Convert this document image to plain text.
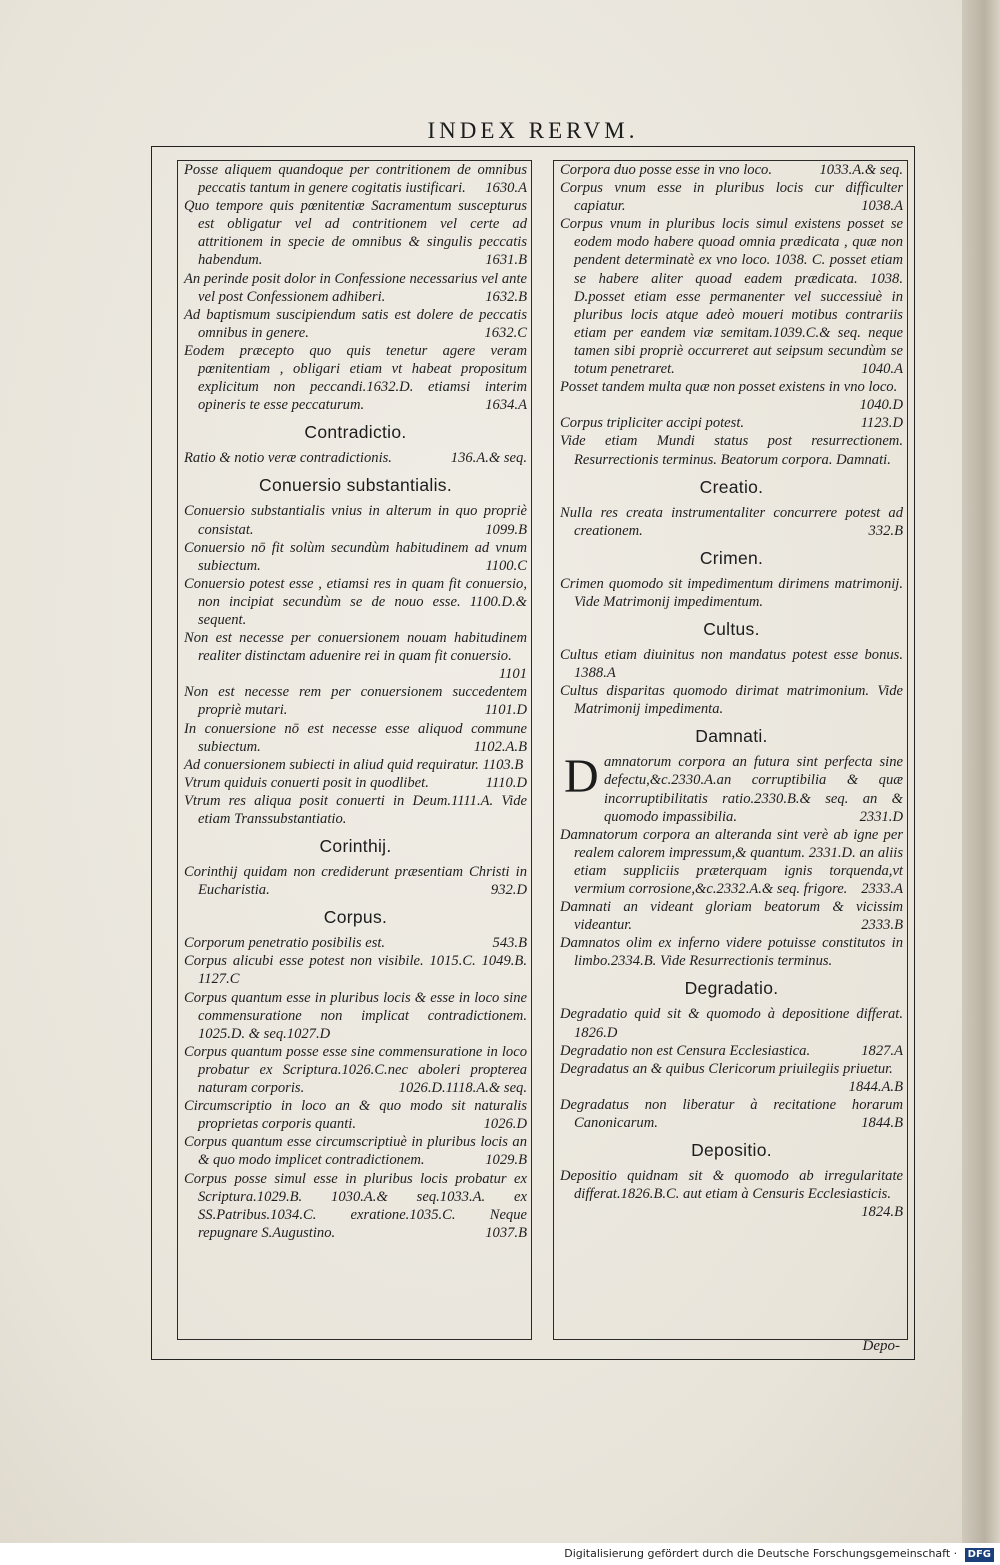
INDEX RERVM.

Posse aliquem quandoque per contritionem de omnibus peccatis tantum in genere cogitatis iustificari. 1630.A

Quo tempore quis pœnitentiæ Sacramentum suscepturus est obligatur vel ad contritionem vel certe ad attritionem in specie de omnibus & singulis peccatis habendum.	1631.B

An perinde posit dolor in Confessione necessarius vel ante vel post Confessionem adhiberi.	1632.B

Ad baptismum suscipiendum satis est dolere de peccatis omnibus in genere.	1632.C

Eodem præcepto quo quis tenetur agere veram pœnitentiam , obligari etiam vt habeat propositum explicitum non peccandi.1632.D. etiamsi interim opineris te esse peccaturum.	1634.A

Contradictio.

Ratio & notio veræ contradictionis.	136.A.& seq.

Conuersio substantialis.

Conuersio substantialis vnius in alterum in quo propriè consistat.	1099.B

Conuersio nō fit solùm secundùm habitudinem ad vnum subiectum.	1100.C

Conuersio potest esse , etiamsi res in quam fit conuersio, non incipiat secundùm se de nouo esse. 1100.D.& sequent.

Non est necesse per conuersionem nouam habitudinem realiter distinctam aduenire rei in quam fit conuersio.
1101

Non est necesse rem per conuersionem succedentem propriè mutari.	1101.D

In conuersione nō est necesse esse aliquod commune subiectum.	1102.A.B

Ad conuersionem subiecti in aliud quid requiratur. 1103.B

Vtrum quiduis conuerti posit in quodlibet.	1110.D

Vtrum res aliqua posit conuerti in Deum.1111.A. Vide etiam Transsubstantiatio.

Corinthij.

Corinthij quidam non crediderunt præsentiam Christi in Eucharistia.	932.D

Corpus.

Corporum penetratio posibilis est.	543.B

Corpus alicubi esse potest non visibile. 1015.C. 1049.B. 1127.C

Corpus quantum esse in pluribus locis & esse in loco sine commensuratione non implicat contradictionem. 1025.D. & seq.1027.D

Corpus quantum posse esse sine commensuratione in loco probatur ex Scriptura.1026.C.nec aboleri propterea naturam corporis.	1026.D.1118.A.& seq.

Circumscriptio in loco an & quo modo sit naturalis proprietas corporis quanti.	1026.D

Corpus quantum esse circumscriptiuè in pluribus locis an & quo modo implicet contradictionem.	1029.B

Corpus posse simul esse in pluribus locis probatur ex Scriptura.1029.B. 1030.A.& seq.1033.A. ex SS.Patribus.1034.C. exratione.1035.C. Neque repugnare S.Augustino.	1037.B

Corpora duo posse esse in vno loco.	1033.A.& seq.

Corpus vnum esse in pluribus locis cur difficulter capiatur.	1038.A

Corpus vnum in pluribus locis simul existens posset se eodem modo habere quoad omnia prædicata , quæ non pendent determinatè ex vno loco. 1038. C. posset etiam se habere aliter quoad eadem prædicata. 1038. D.posset etiam esse permanenter vel successiuè in pluribus locis atque adeò moueri motibus contrariis etiam per eandem viæ semitam.1039.C.& seq. neque tamen sibi propriè occurreret aut seipsum secundùm se totum penetraret.	1040.A

Posset tandem multa quæ non posset existens in vno loco.
1040.D

Corpus tripliciter accipi potest.	1123.D

Vide etiam Mundi status post resurrectionem. Resurrectionis terminus. Beatorum corpora. Damnati.

Creatio.

Nulla res creata instrumentaliter concurrere potest ad creationem.	332.B

Crimen.

Crimen quomodo sit impedimentum dirimens matrimonij. Vide Matrimonij impedimentum.

Cultus.

Cultus etiam diuinitus non mandatus potest esse bonus. 1388.A

Cultus disparitas quomodo dirimat matrimonium. Vide Matrimonij impedimenta.

Damnati.

D amnatorum corpora an futura sint perfecta sine defectu,&c.2330.A.an corruptibilia & quæ incorruptibilitatis ratio.2330.B.& seq. an & quomodo impassibilia.	2331.D

Damnatorum corpora an alteranda sint verè ab igne per realem calorem impressum,& quantum. 2331.D. an aliis etiam suppliciis præterquam ignis torquenda,vt vermium corrosione,&c.2332.A.& seq. frigore. 2333.A

Damnati an videant gloriam beatorum & vicissim videantur.	2333.B

Damnatos olim ex inferno videre potuisse constitutos in limbo.2334.B. Vide Resurrectionis terminus.

Degradatio.

Degradatio quid sit & quomodo à depositione differat. 1826.D

Degradatio non est Censura Ecclesiastica.	1827.A

Degradatus an & quibus Clericorum priuilegiis priuetur.
1844.A.B

Degradatus non liberatur à recitatione horarum Canonicarum.	1844.B

Depositio.

Depositio quidnam sit & quomodo ab irregularitate differat.1826.B.C. aut etiam à Censuris Ecclesiasticis.
1824.B

Depo-
Digitalisierung gefördert durch die Deutsche Forschungsgemeinschaft · DFG
